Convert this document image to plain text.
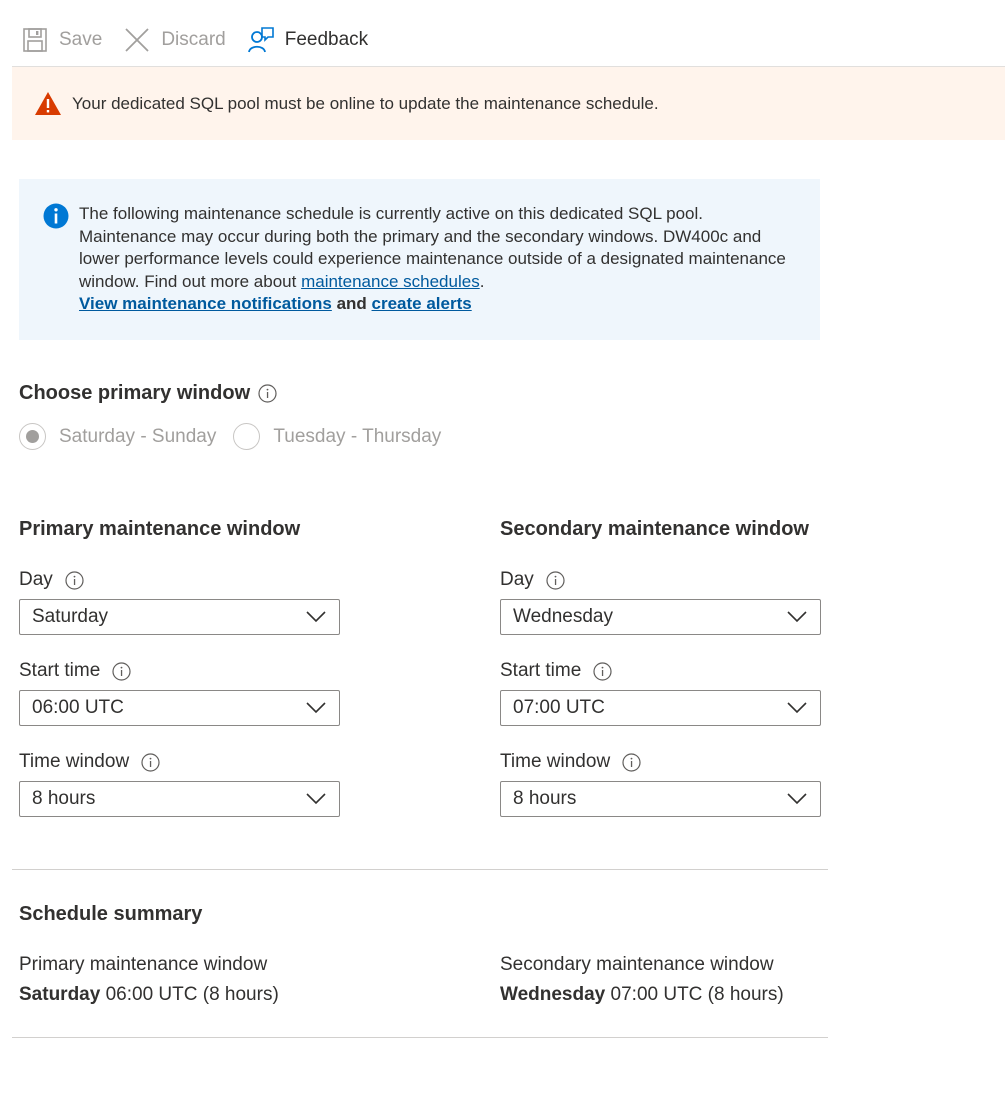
Save	Discard	Feedback
Your dedicated SQL pool must be online to update the maintenance schedule.
The following maintenance schedule is currently active on this dedicated SQL pool. Maintenance may occur during both the primary and the secondary windows. DW400c and lower performance levels could experience maintenance outside of a designated maintenance window. Find out more about maintenance schedules.
View maintenance notifications and create alerts
Choose primary window
Saturday - Sunday	Tuesday - Thursday
Primary maintenance window
Day
Saturday
Start time
06:00 UTC
Time window
8 hours
Secondary maintenance window
Day
Wednesday
Start time
07:00 UTC
Time window
8 hours
Schedule summary
Primary maintenance window
Saturday 06:00 UTC (8 hours)
Secondary maintenance window
Wednesday 07:00 UTC (8 hours)
